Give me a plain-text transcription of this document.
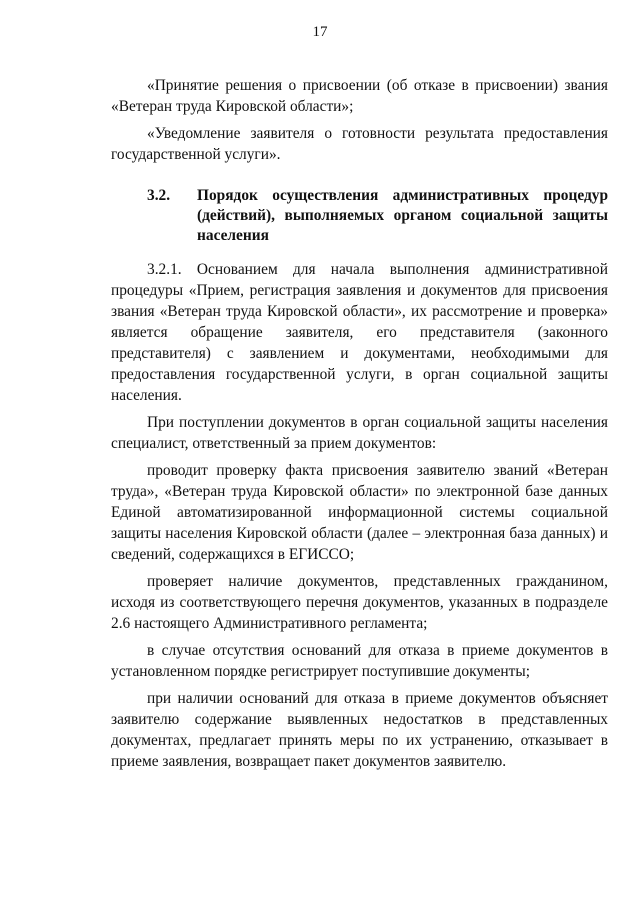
17

«Принятие решения о присвоении (об отказе в присвоении) звания «Ветеран труда Кировской области»;

«Уведомление заявителя о готовности результата предоставления государственной услуги».

3.2. Порядок осуществления административных процедур (действий), выполняемых органом социальной защиты населения

3.2.1. Основанием для начала выполнения административной процедуры «Прием, регистрация заявления и документов для присвоения звания «Ветеран труда Кировской области», их рассмотрение и проверка» является обращение заявителя, его представителя (законного представителя) с заявлением и документами, необходимыми для предоставления государственной услуги, в орган социальной защиты населения.

При поступлении документов в орган социальной защиты населения специалист, ответственный за прием документов:

проводит проверку факта присвоения заявителю званий «Ветеран труда», «Ветеран труда Кировской области» по электронной базе данных Единой автоматизированной информационной системы социальной защиты населения Кировской области (далее – электронная база данных) и сведений, содержащихся в ЕГИССО;

проверяет наличие документов, представленных гражданином, исходя из соответствующего перечня документов, указанных в подразделе 2.6 настоящего Административного регламента;

в случае отсутствия оснований для отказа в приеме документов в установленном порядке регистрирует поступившие документы;

при наличии оснований для отказа в приеме документов объясняет заявителю содержание выявленных недостатков в представленных документах, предлагает принять меры по их устранению, отказывает в приеме заявления, возвращает пакет документов заявителю.
